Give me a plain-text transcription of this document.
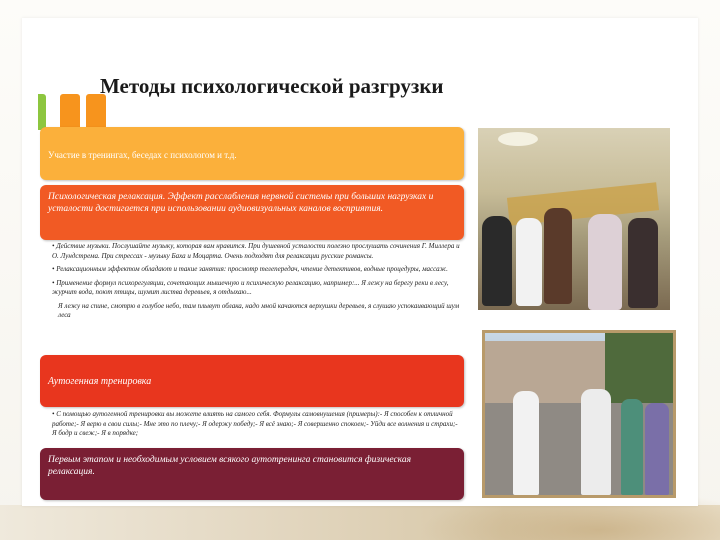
Методы психологической разгрузки
Участие в тренингах, беседах с психологом и т.д.
Психологическая релаксация. Эффект расслабления нервной системы при больших нагрузках и усталости достигается при использовании аудиовизуальных каналов восприятия.

• Действие музыки. Послушайте музыку, которая вам нравится. При душевной усталости полезно прослушать сочинения Г. Миллера и О. Лундстрема. При стрессах - музыку Баха и Моцарта. Очень подходят для релаксации русские романсы.

• Релаксационным эффектом обладают и такие занятия: просмотр телепередач, чтение детективов, водные процедуры, массаж.

• Применение формул психорегуляции, сочетающих мышечную и психическую релаксацию, например:... Я лежу на берегу реки в лесу, журчит вода, поют птицы, шумит листва деревьев, я отдыхаю...

Я лежу на спине, смотрю в голубое небо, там плывут облака, надо мной качаются верхушки деревьев, я слушаю успокаивающий шум леса

Аутогенная тренировка

• С помощью аутогенной тренировки вы можете влиять на самого себя. Формулы самовнушения (примеры):- Я способен к отличной работе;- Я верю в свои силы;- Мне это по плечу;- Я одержу победу;- Я всё знаю;- Я совершенно спокоен;- Уйди все волнения и страхи;- Я бодр и свеж;- Я в порядке;

Первым этапом и необходимым условием всякого аутотренинга становится физическая релаксация.
